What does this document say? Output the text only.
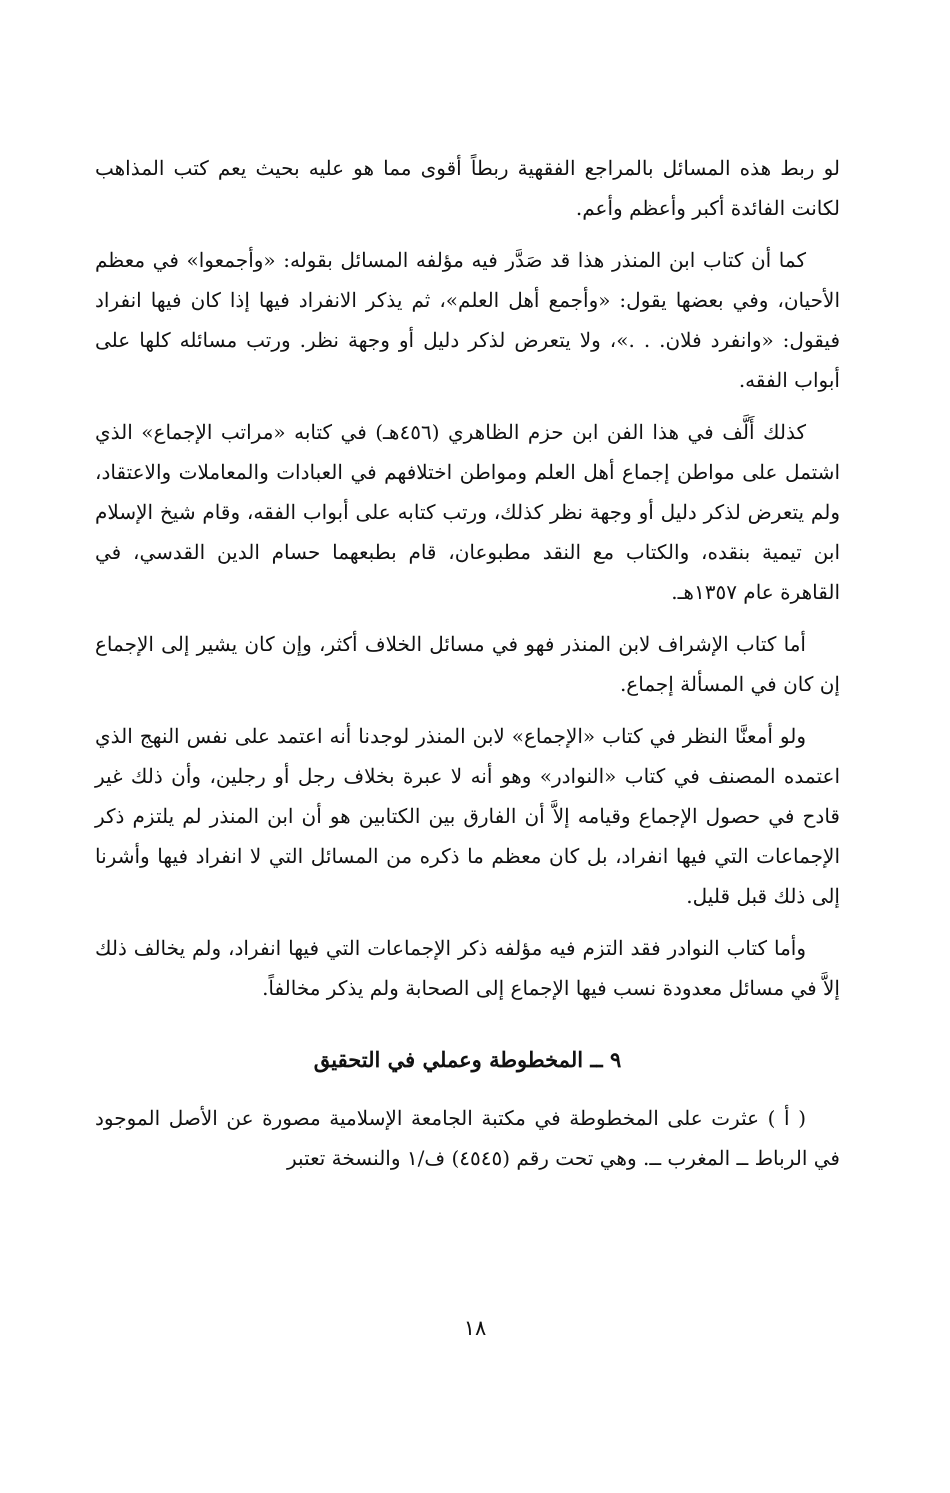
لو ربط هذه المسائل بالمراجع الفقهية ربطاً أقوى مما هو عليه بحيث يعم كتب المذاهب لكانت الفائدة أكبر وأعظم وأعم.

كما أن كتاب ابن المنذر هذا قد صَدَّر فيه مؤلفه المسائل بقوله: «وأجمعوا» في معظم الأحيان، وفي بعضها يقول: «وأجمع أهل العلم»، ثم يذكر الانفراد فيها إذا كان فيها انفراد فيقول: «وانفرد فلان. . .»، ولا يتعرض لذكر دليل أو وجهة نظر. ورتب مسائله كلها على أبواب الفقه.

كذلك أَلَّف في هذا الفن ابن حزم الظاهري (٤٥٦هـ) في كتابه «مراتب الإجماع» الذي اشتمل على مواطن إجماع أهل العلم ومواطن اختلافهم في العبادات والمعاملات والاعتقاد، ولم يتعرض لذكر دليل أو وجهة نظر كذلك، ورتب كتابه على أبواب الفقه، وقام شيخ الإسلام ابن تيمية بنقده، والكتاب مع النقد مطبوعان، قام بطبعهما حسام الدين القدسي، في القاهرة عام ١٣٥٧هـ.

أما كتاب الإشراف لابن المنذر فهو في مسائل الخلاف أكثر، وإن كان يشير إلى الإجماع إن كان في المسألة إجماع.

ولو أمعنَّا النظر في كتاب «الإجماع» لابن المنذر لوجدنا أنه اعتمد على نفس النهج الذي اعتمده المصنف في كتاب «النوادر» وهو أنه لا عبرة بخلاف رجل أو رجلين، وأن ذلك غير قادح في حصول الإجماع وقيامه إلاَّ أن الفارق بين الكتابين هو أن ابن المنذر لم يلتزم ذكر الإجماعات التي فيها انفراد، بل كان معظم ما ذكره من المسائل التي لا انفراد فيها وأشرنا إلى ذلك قبل قليل.

وأما كتاب النوادر فقد التزم فيه مؤلفه ذكر الإجماعات التي فيها انفراد، ولم يخالف ذلك إلاَّ في مسائل معدودة نسب فيها الإجماع إلى الصحابة ولم يذكر مخالفاً.

٩ ــ المخطوطة وعملي في التحقيق

( أ ) عثرت على المخطوطة في مكتبة الجامعة الإسلامية مصورة عن الأصل الموجود في الرباط ــ المغرب ــ. وهي تحت رقم (٤٥٤٥) ف/١ والنسخة تعتبر

١٨
